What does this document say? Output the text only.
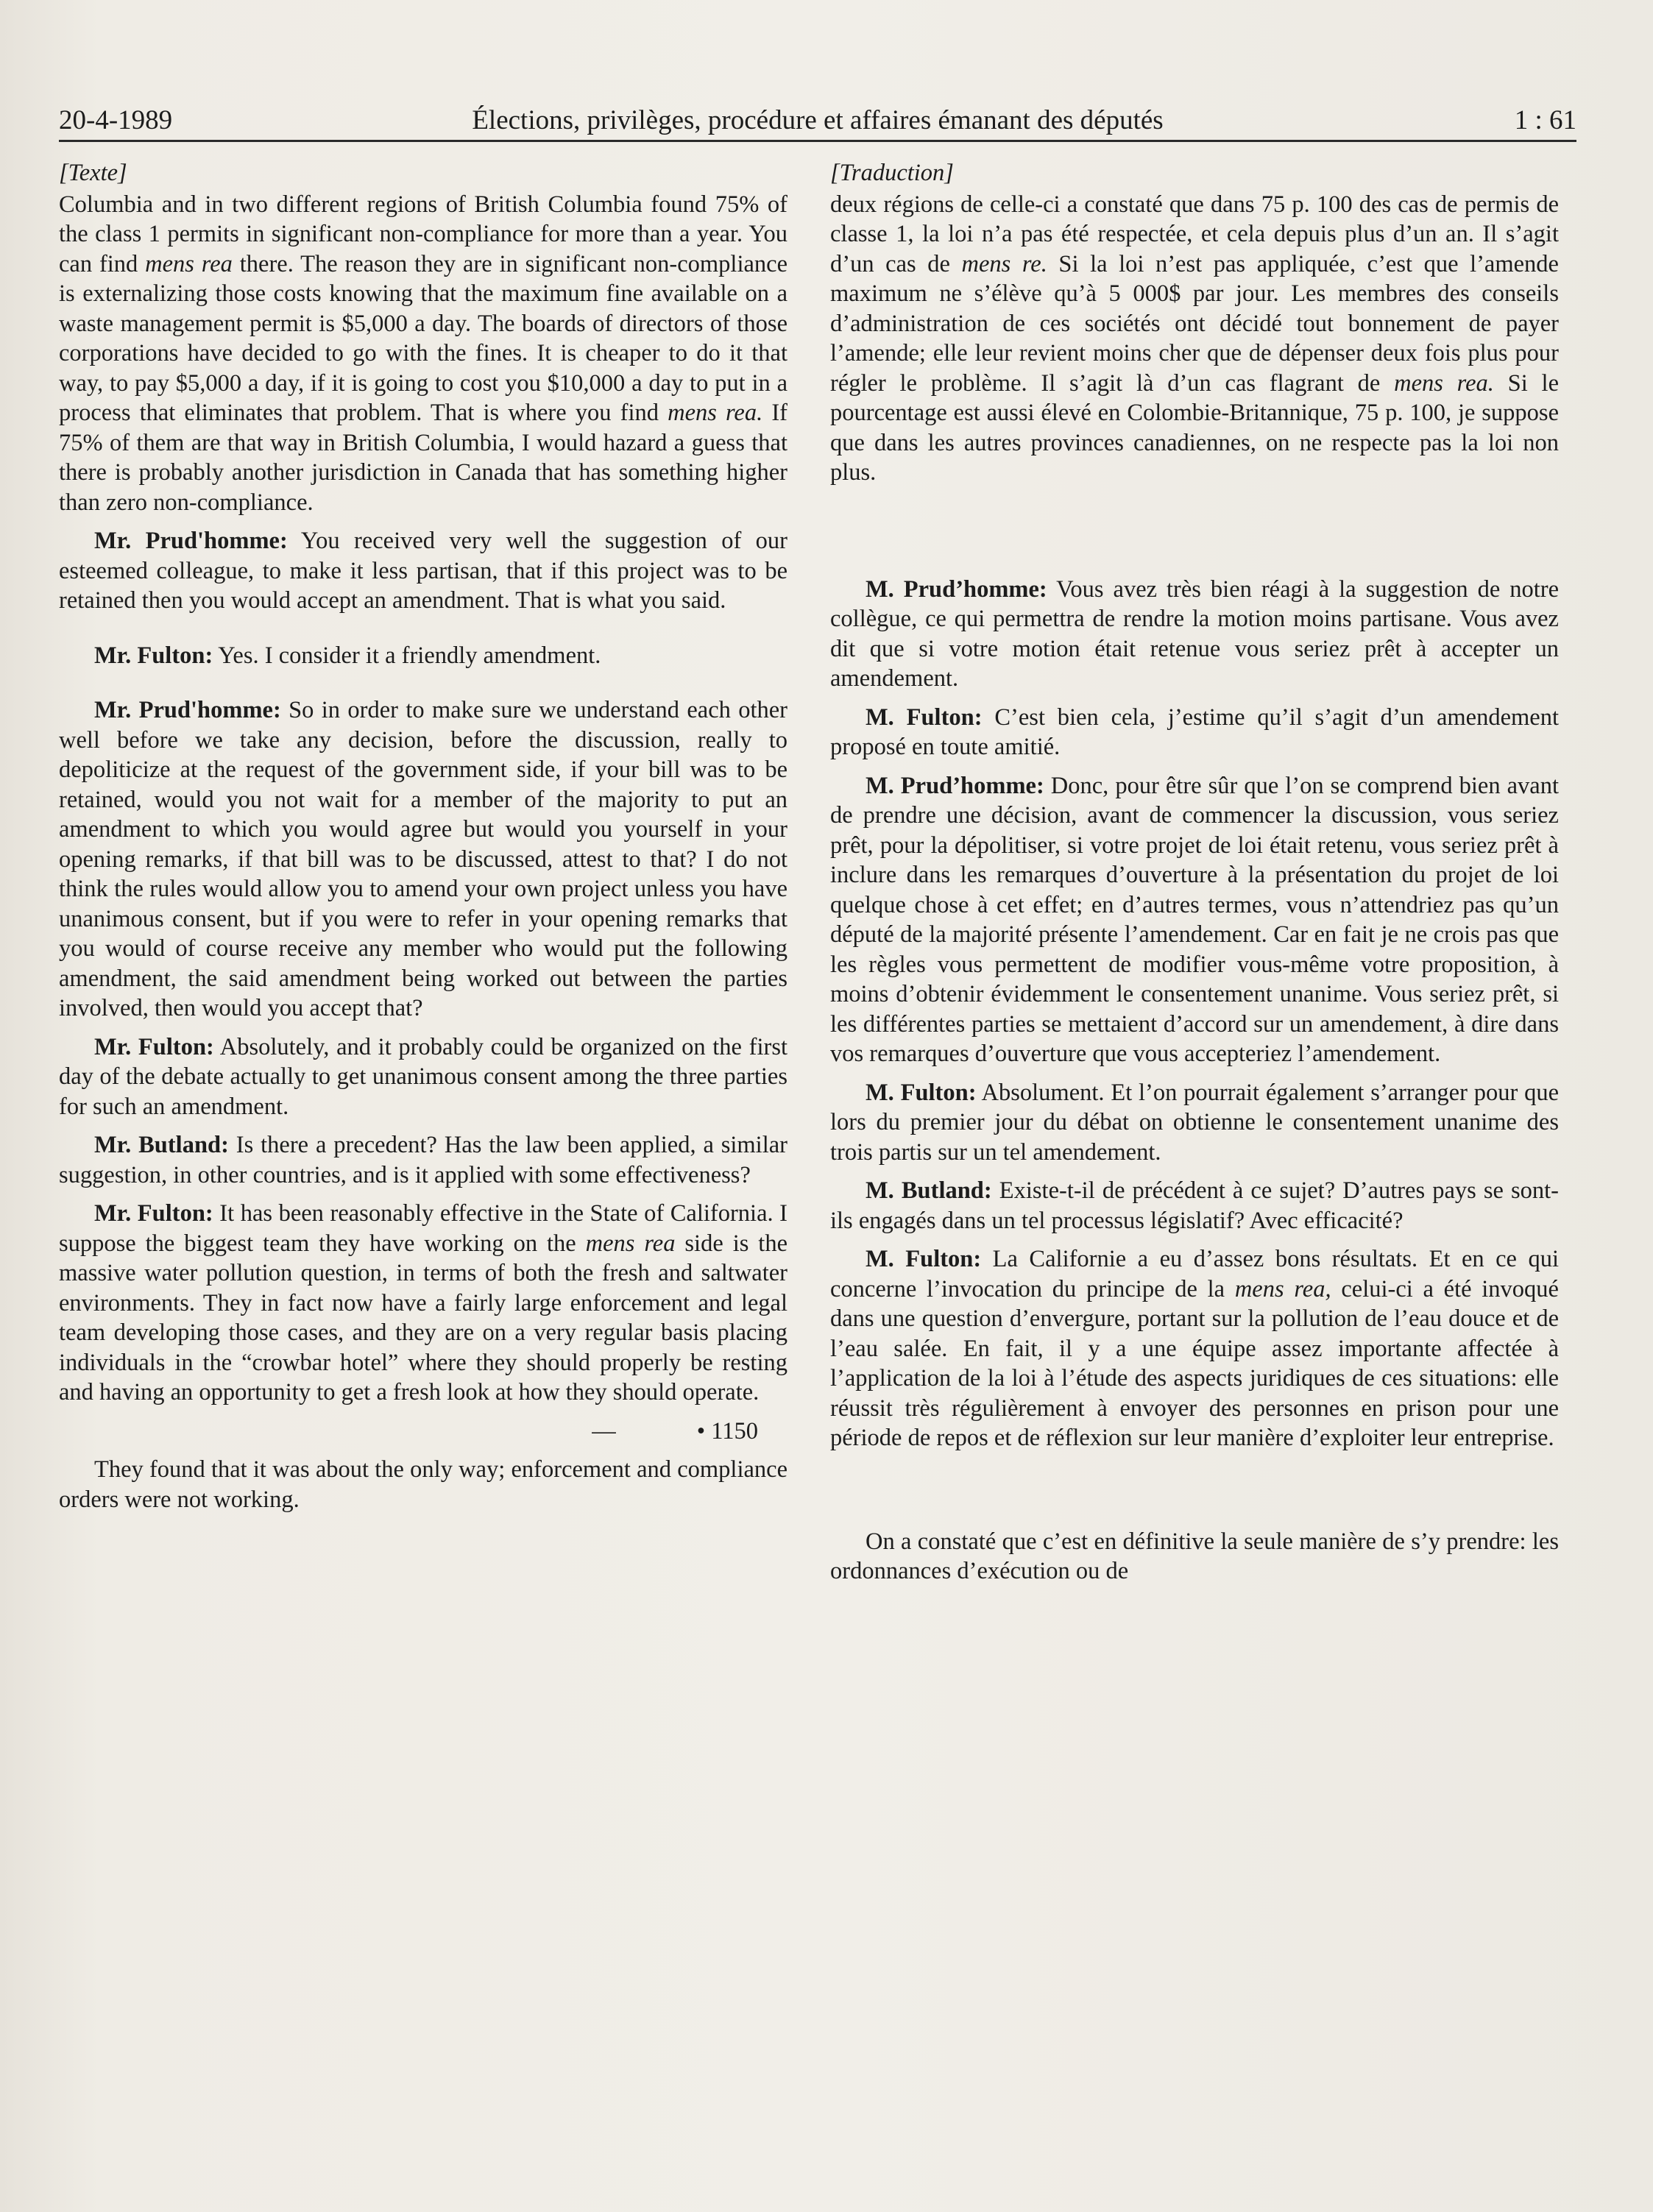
20-4-1989	Élections, privilèges, procédure et affaires émanant des députés	1 : 61

[Texte]

Columbia and in two different regions of British Columbia found 75% of the class 1 permits in significant non-compliance for more than a year. You can find mens rea there. The reason they are in significant non-compliance is externalizing those costs knowing that the maximum fine available on a waste management permit is $5,000 a day. The boards of directors of those corporations have decided to go with the fines. It is cheaper to do it that way, to pay $5,000 a day, if it is going to cost you $10,000 a day to put in a process that eliminates that problem. That is where you find mens rea. If 75% of them are that way in British Columbia, I would hazard a guess that there is probably another jurisdiction in Canada that has something higher than zero non-compliance.

Mr. Prud'homme: You received very well the suggestion of our esteemed colleague, to make it less partisan, that if this project was to be retained then you would accept an amendment. That is what you said.

Mr. Fulton: Yes. I consider it a friendly amendment.

Mr. Prud'homme: So in order to make sure we understand each other well before we take any decision, before the discussion, really to depoliticize at the request of the government side, if your bill was to be retained, would you not wait for a member of the majority to put an amendment to which you would agree but would you yourself in your opening remarks, if that bill was to be discussed, attest to that? I do not think the rules would allow you to amend your own project unless you have unanimous consent, but if you were to refer in your opening remarks that you would of course receive any member who would put the following amendment, the said amendment being worked out between the parties involved, then would you accept that?

Mr. Fulton: Absolutely, and it probably could be organized on the first day of the debate actually to get unanimous consent among the three parties for such an amendment.

Mr. Butland: Is there a precedent? Has the law been applied, a similar suggestion, in other countries, and is it applied with some effectiveness?

Mr. Fulton: It has been reasonably effective in the State of California. I suppose the biggest team they have working on the mens rea side is the massive water pollution question, in terms of both the fresh and saltwater environments. They in fact now have a fairly large enforcement and legal team developing those cases, and they are on a very regular basis placing individuals in the “crowbar hotel” where they should properly be resting and having an opportunity to get a fresh look at how they should operate.

—	• 1150

They found that it was about the only way; enforcement and compliance orders were not working.

[Traduction]

deux régions de celle-ci a constaté que dans 75 p. 100 des cas de permis de classe 1, la loi n’a pas été respectée, et cela depuis plus d’un an. Il s’agit d’un cas de mens re. Si la loi n’est pas appliquée, c’est que l’amende maximum ne s’élève qu’à 5 000$ par jour. Les membres des conseils d’administration de ces sociétés ont décidé tout bonnement de payer l’amende; elle leur revient moins cher que de dépenser deux fois plus pour régler le problème. Il s’agit là d’un cas flagrant de mens rea. Si le pourcentage est aussi élevé en Colombie-Britannique, 75 p. 100, je suppose que dans les autres provinces canadiennes, on ne respecte pas la loi non plus.

M. Prud’homme: Vous avez très bien réagi à la suggestion de notre collègue, ce qui permettra de rendre la motion moins partisane. Vous avez dit que si votre motion était retenue vous seriez prêt à accepter un amendement.

M. Fulton: C’est bien cela, j’estime qu’il s’agit d’un amendement proposé en toute amitié.

M. Prud’homme: Donc, pour être sûr que l’on se comprend bien avant de prendre une décision, avant de commencer la discussion, vous seriez prêt, pour la dépolitiser, si votre projet de loi était retenu, vous seriez prêt à inclure dans les remarques d’ouverture à la présentation du projet de loi quelque chose à cet effet; en d’autres termes, vous n’attendriez pas qu’un député de la majorité présente l’amendement. Car en fait je ne crois pas que les règles vous permettent de modifier vous-même votre proposition, à moins d’obtenir évidemment le consentement unanime. Vous seriez prêt, si les différentes parties se mettaient d’accord sur un amendement, à dire dans vos remarques d’ouverture que vous accepteriez l’amendement.

M. Fulton: Absolument. Et l’on pourrait également s’arranger pour que lors du premier jour du débat on obtienne le consentement unanime des trois partis sur un tel amendement.

M. Butland: Existe-t-il de précédent à ce sujet? D’autres pays se sont-ils engagés dans un tel processus législatif? Avec efficacité?

M. Fulton: La Californie a eu d’assez bons résultats. Et en ce qui concerne l’invocation du principe de la mens rea, celui-ci a été invoqué dans une question d’envergure, portant sur la pollution de l’eau douce et de l’eau salée. En fait, il y a une équipe assez importante affectée à l’application de la loi à l’étude des aspects juridiques de ces situations: elle réussit très régulièrement à envoyer des personnes en prison pour une période de repos et de réflexion sur leur manière d’exploiter leur entreprise.

On a constaté que c’est en définitive la seule manière de s’y prendre: les ordonnances d’exécution ou de
